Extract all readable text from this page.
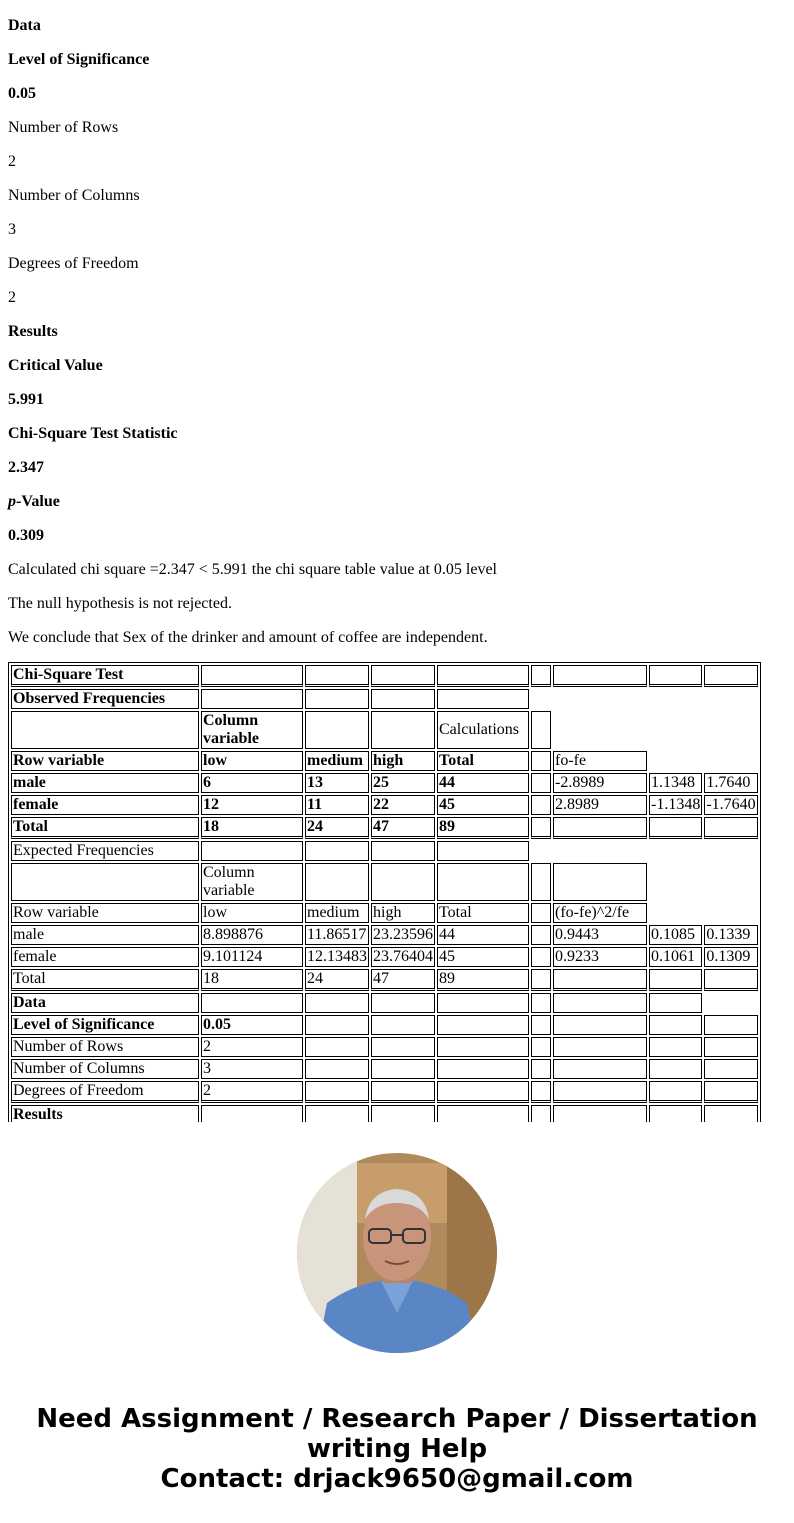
Data

Level of Significance

0.05

Number of Rows

2

Number of Columns

3

Degrees of Freedom

2

Results

Critical Value

5.991

Chi-Square Test Statistic

2.347

p-Value

0.309

Calculated chi square =2.347 < 5.991 the chi square table value at 0.05 level

The null hypothesis is not rejected.

We conclude that Sex of the drinker and amount of coffee are independent.

Chi-Square Test								
Observed Frequencies								
	Column variable			Calculations				
Row variable	low	medium	high	Total		fo-fe		
male	6	13	25	44		-2.8989	1.1348	1.7640
female	12	11	22	45		2.8989	-1.1348	-1.7640
Total	18	24	47	89				
Expected Frequencies								
	Column variable							
Row variable	low	medium	high	Total		(fo-fe)^2/fe		
male	8.898876	11.86517	23.23596	44		0.9443	0.1085	0.1339
female	9.101124	12.13483	23.76404	45		0.9233	0.1061	0.1309
Total	18	24	47	89				
Data								
Level of Significance	0.05							
Number of Rows	2							
Number of Columns	3							
Degrees of Freedom	2							
Results								
Need Assignment / Research Paper / Dissertation
writing Help
Contact: drjack9650@gmail.com
